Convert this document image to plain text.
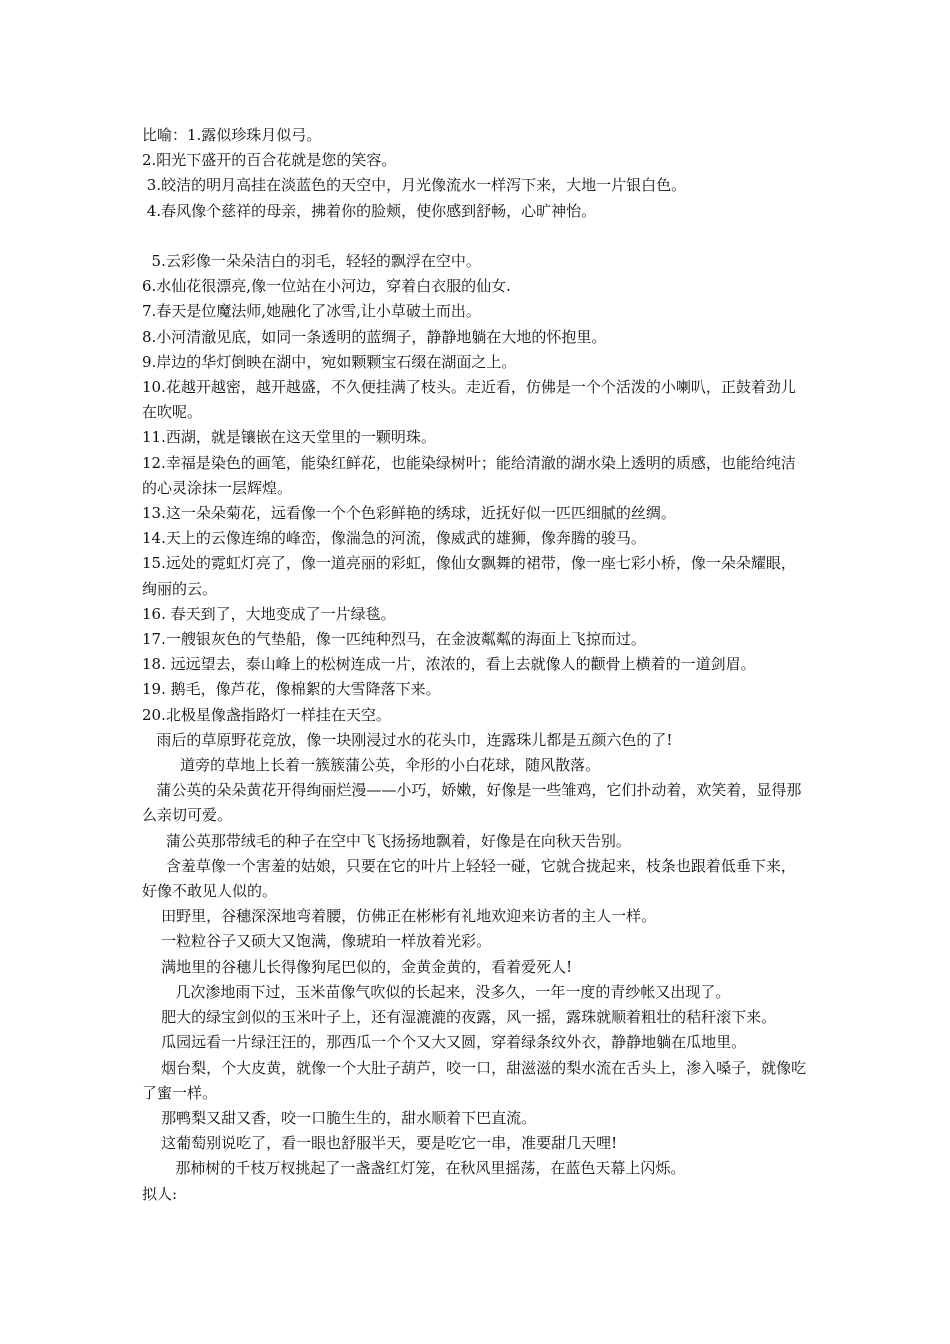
比喻：1.露似珍珠月似弓。

2.阳光下盛开的百合花就是您的笑容。

3.皎洁的明月高挂在淡蓝色的天空中，月光像流水一样泻下来，大地一片银白色。

4.春风像个慈祥的母亲，拂着你的脸颊，使你感到舒畅，心旷神怡。

5.云彩像一朵朵洁白的羽毛，轻轻的飘浮在空中。

6.水仙花很漂亮,像一位站在小河边，穿着白衣服的仙女.

7.春天是位魔法师,她融化了冰雪,让小草破土而出。

8.小河清澈见底，如同一条透明的蓝绸子，静静地躺在大地的怀抱里。

9.岸边的华灯倒映在湖中，宛如颗颗宝石缀在湖面之上。

10.花越开越密，越开越盛，不久便挂满了枝头。走近看，仿佛是一个个活泼的小喇叭，正鼓着劲儿在吹呢。

11.西湖，就是镶嵌在这天堂里的一颗明珠。

12.幸福是染色的画笔，能染红鲜花，也能染绿树叶；能给清澈的湖水染上透明的质感，也能给纯洁的心灵涂抹一层辉煌。

13.这一朵朵菊花，远看像一个个色彩鲜艳的绣球，近抚好似一匹匹细腻的丝绸。

14.天上的云像连绵的峰峦，像湍急的河流，像威武的雄狮，像奔腾的骏马。

15.远处的霓虹灯亮了，像一道亮丽的彩虹，像仙女飘舞的裙带，像一座七彩小桥，像一朵朵耀眼，绚丽的云。

16. 春天到了，大地变成了一片绿毯。

17.一艘银灰色的气垫船，像一匹纯种烈马，在金波粼粼的海面上飞掠而过。

18. 远远望去，泰山峰上的松树连成一片，浓浓的，看上去就像人的颧骨上横着的一道剑眉。

19. 鹅毛，像芦花，像棉絮的大雪降落下来。

20.北极星像盏指路灯一样挂在天空。

雨后的草原野花竞放，像一块刚浸过水的花头巾，连露珠儿都是五颜六色的了!

道旁的草地上长着一簇簇蒲公英，伞形的小白花球，随风散落。

蒲公英的朵朵黄花开得绚丽烂漫——小巧，娇嫩，好像是一些雏鸡，它们扑动着，欢笑着，显得那么亲切可爱。

蒲公英那带绒毛的种子在空中飞飞扬扬地飘着，好像是在向秋天告别。

含羞草像一个害羞的姑娘，只要在它的叶片上轻轻一碰，它就合拢起来，枝条也跟着低垂下来，好像不敢见人似的。

田野里，谷穗深深地弯着腰，仿佛正在彬彬有礼地欢迎来访者的主人一样。

一粒粒谷子又硕大又饱满，像琥珀一样放着光彩。

满地里的谷穗儿长得像狗尾巴似的，金黄金黄的，看着爱死人!

几次渗地雨下过，玉米苗像气吹似的长起来，没多久，一年一度的青纱帐又出现了。

肥大的绿宝剑似的玉米叶子上，还有湿漉漉的夜露，风一摇，露珠就顺着粗壮的秸秆滚下来。

瓜园远看一片绿汪汪的，那西瓜一个个又大又圆，穿着绿条纹外衣，静静地躺在瓜地里。

烟台梨，个大皮黄，就像一个大肚子葫芦，咬一口，甜滋滋的梨水流在舌头上，渗入嗓子，就像吃了蜜一样。

那鸭梨又甜又香，咬一口脆生生的，甜水顺着下巴直流。

这葡萄别说吃了，看一眼也舒服半天，要是吃它一串，准要甜几天哩!

那柿树的千枝万杈挑起了一盏盏红灯笼，在秋风里摇荡，在蓝色天幕上闪烁。

拟人:
